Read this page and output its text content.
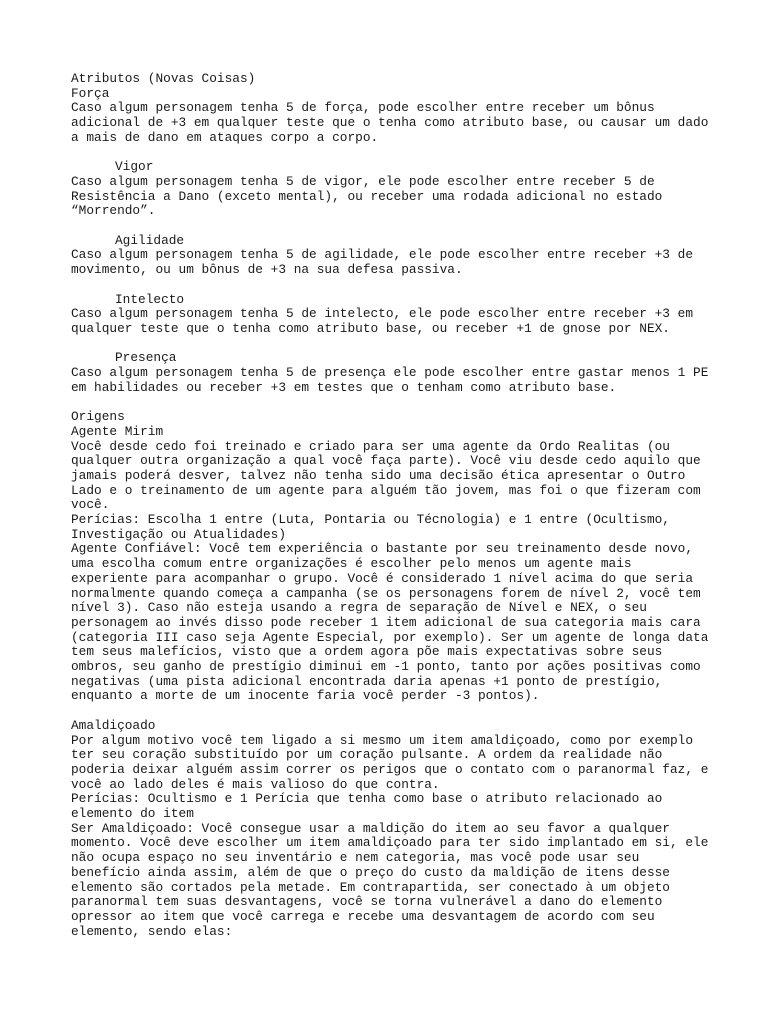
Atributos (Novas Coisas)
Força
Caso algum personagem tenha 5 de força, pode escolher entre receber um bônus adicional de +3 em qualquer teste que o tenha como atributo base, ou causar um dado a mais de dano em ataques corpo a corpo.
Vigor
Caso algum personagem tenha 5 de vigor, ele pode escolher entre receber 5 de Resistência a Dano (exceto mental), ou receber uma rodada adicional no estado “Morrendo”.
Agilidade
Caso algum personagem tenha 5 de agilidade, ele pode escolher entre receber +3 de movimento, ou um bônus de +3 na sua defesa passiva.
Intelecto
Caso algum personagem tenha 5 de intelecto, ele pode escolher entre receber +3 em qualquer teste que o tenha como atributo base, ou receber +1 de gnose por NEX.
Presença
Caso algum personagem tenha 5 de presença ele pode escolher entre gastar menos 1 PE em habilidades ou receber +3 em testes que o tenham como atributo base.
Origens
Agente Mirim
Você desde cedo foi treinado e criado para ser uma agente da Ordo Realitas (ou qualquer outra organização a qual você faça parte). Você viu desde cedo aquilo que jamais poderá desver, talvez não tenha sido uma decisão ética apresentar o Outro Lado e o treinamento de um agente para alguém tão jovem, mas foi o que fizeram com você.
Perícias: Escolha 1 entre (Luta, Pontaria ou Técnologia) e 1 entre (Ocultismo, Investigação ou Atualidades)
Agente Confiável: Você tem experiência o bastante por seu treinamento desde novo, uma escolha comum entre organizações é escolher pelo menos um agente mais experiente para acompanhar o grupo. Você é considerado 1 nível acima do que seria normalmente quando começa a campanha (se os personagens forem de nível 2, você tem nível 3). Caso não esteja usando a regra de separação de Nível e NEX, o seu personagem ao invés disso pode receber 1 item adicional de sua categoria mais cara (categoria III caso seja Agente Especial, por exemplo). Ser um agente de longa data tem seus malefícios, visto que a ordem agora põe mais expectativas sobre seus ombros, seu ganho de prestígio diminui em -1 ponto, tanto por ações positivas como negativas (uma pista adicional encontrada daria apenas +1 ponto de prestígio, enquanto a morte de um inocente faria você perder -3 pontos).
Amaldiçoado
Por algum motivo você tem ligado a si mesmo um item amaldiçoado, como por exemplo ter seu coração substituído por um coração pulsante. A ordem da realidade não poderia deixar alguém assim correr os perigos que o contato com o paranormal faz, e você ao lado deles é mais valioso do que contra.
Perícias: Ocultismo e 1 Perícia que tenha como base o atributo relacionado ao elemento do item
Ser Amaldiçoado: Você consegue usar a maldição do item ao seu favor a qualquer momento. Você deve escolher um item amaldiçoado para ter sido implantado em si, ele não ocupa espaço no seu inventário e nem categoria, mas você pode usar seu benefício ainda assim, além de que o preço do custo da maldição de itens desse elemento são cortados pela metade. Em contrapartida, ser conectado à um objeto paranormal tem suas desvantagens, você se torna vulnerável a dano do elemento opressor ao item que você carrega e recebe uma desvantagem de acordo com seu elemento, sendo elas:
